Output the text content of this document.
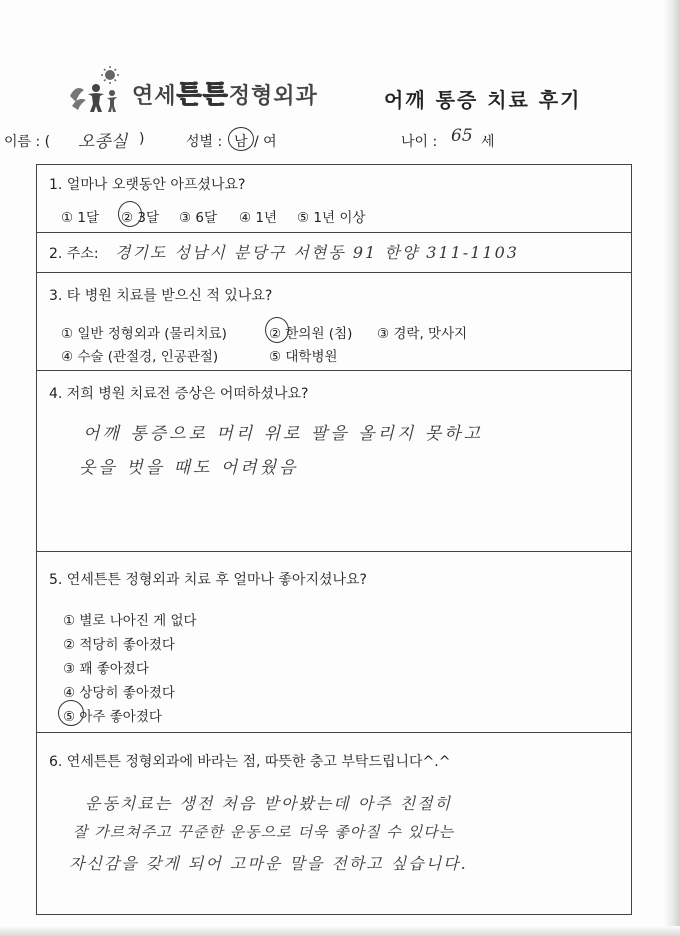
연세튼튼정형외과	어깨 통증 치료 후기
이름 : ( 오종실 )	성별 : 남 / 여	나이 : 65 세
1. 얼마나 오랫동안 아프셨나요?
① 1달 ② 3달 ③ 6달 ④ 1년 ⑤ 1년 이상
2. 주소: 경기도 성남시 분당구 서현동 91 한양 311-1103
3. 타 병원 치료를 받으신 적 있나요?
① 일반 정형외과 (물리치료)	② 한의원 (침) ③ 경락, 맛사지
④ 수술 (관절경, 인공관절)	⑤ 대학병원
4. 저희 병원 치료전 증상은 어떠하셨나요?
어깨 통증으로 머리 위로 팔을 올리지 못하고
옷을 벗을 때도 어려웠음
5. 연세튼튼 정형외과 치료 후 얼마나 좋아지셨나요?
① 별로 나아진 게 없다
② 적당히 좋아졌다
③ 꽤 좋아졌다
④ 상당히 좋아졌다
⑤ 아주 좋아졌다
6. 연세튼튼 정형외과에 바라는 점, 따뜻한 충고 부탁드립니다^.^
운동치료는 생전 처음 받아봤는데 아주 친절히
잘 가르쳐주고 꾸준한 운동으로 더욱 좋아질 수 있다는
자신감을 갖게 되어 고마운 말을 전하고 싶습니다.
